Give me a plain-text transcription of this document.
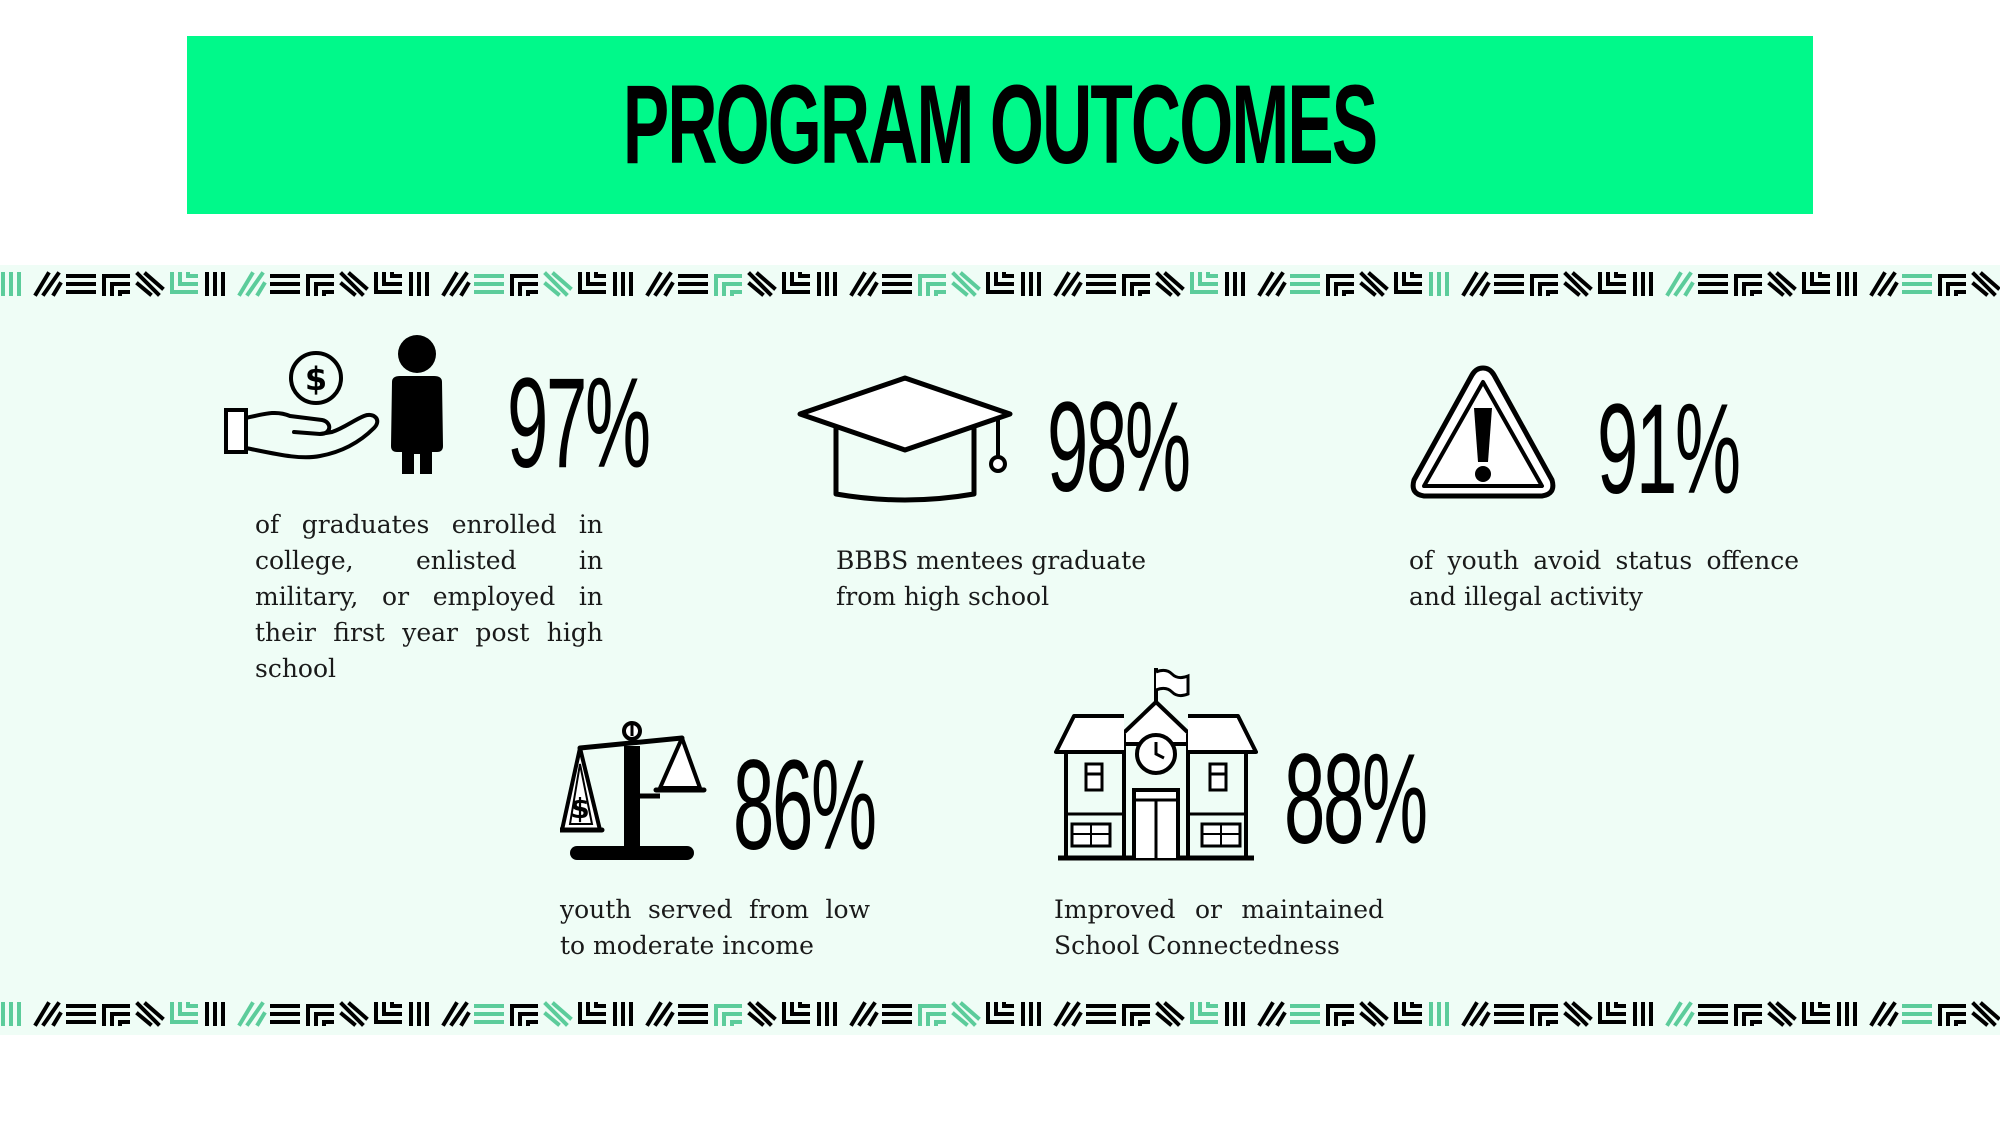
PROGRAM OUTCOMES
$ 97%
of graduates enrolled in college, enlisted in military, or employed in their first year post high school
98%
BBBS mentees graduate from high school
91%
of youth avoid status offence and illegal activity
$ 86%
youth served from low to moderate income
88%
Improved or maintained School Connectedness
